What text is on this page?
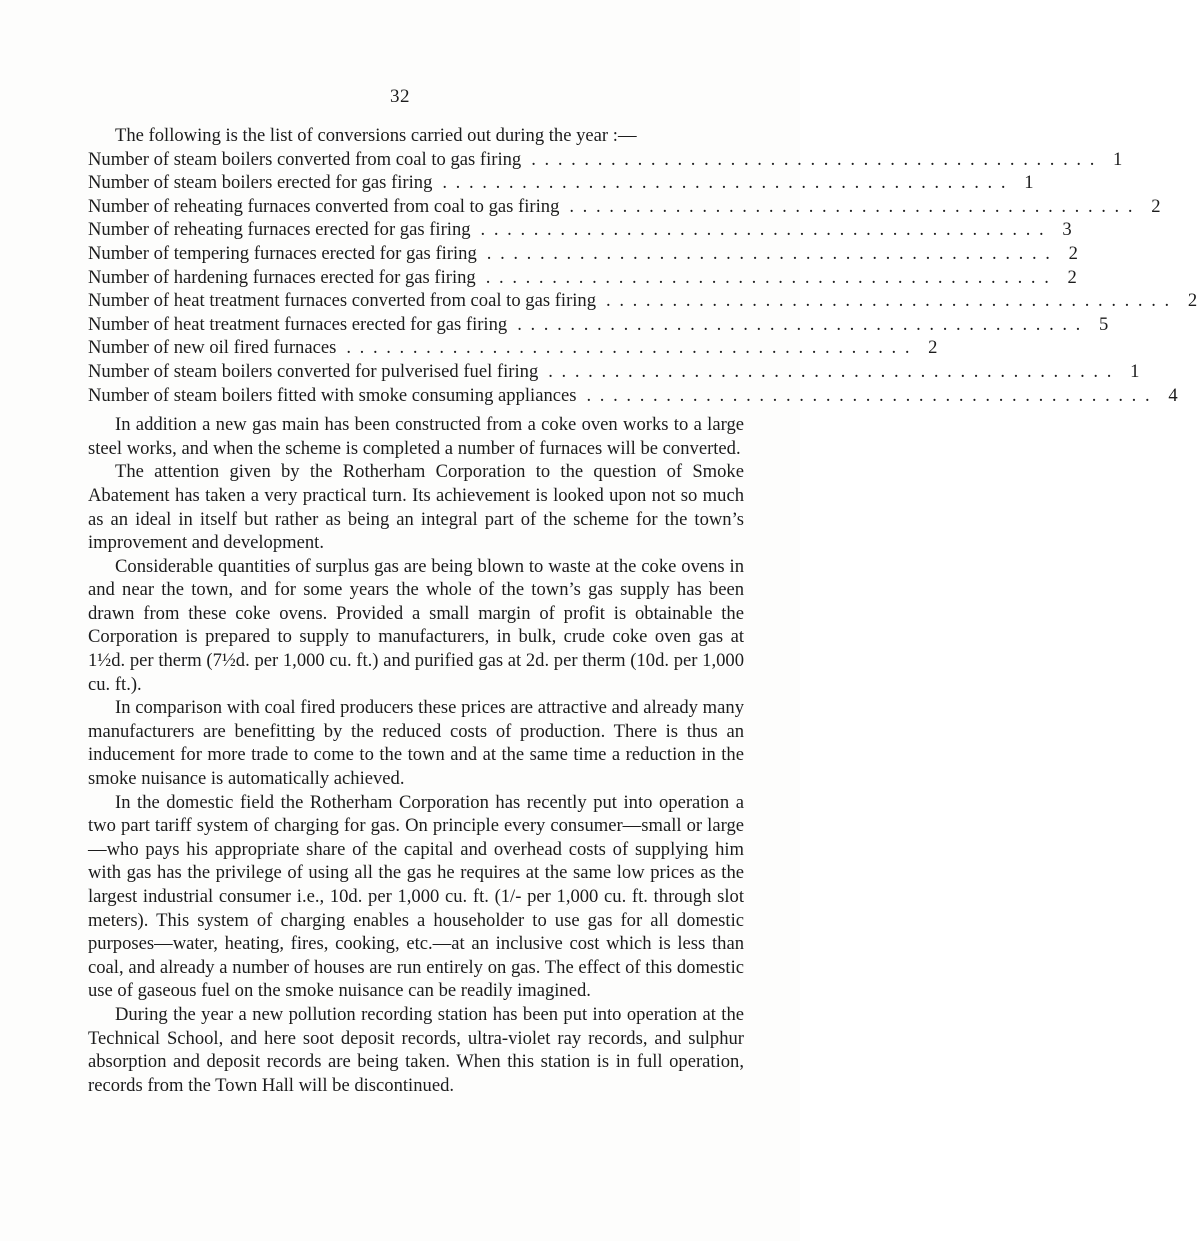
32

The following is the list of conversions carried out during the year :—

Number of steam boilers converted from coal to gas firing . . . . . . . . . . . . . . . . . . . . . . . . . . . . . . . . . . . . . . . . . . . 1
Number of steam boilers erected for gas firing . . . . . . . . . . . . . . . . . . . . . . . . . . . . . . . . . . . . . . . . . . . 1
Number of reheating furnaces converted from coal to gas firing . . . . . . . . . . . . . . . . . . . . . . . . . . . . . . . . . . . . . . . . . . . 2
Number of reheating furnaces erected for gas firing . . . . . . . . . . . . . . . . . . . . . . . . . . . . . . . . . . . . . . . . . . . 3
Number of tempering furnaces erected for gas firing . . . . . . . . . . . . . . . . . . . . . . . . . . . . . . . . . . . . . . . . . . . 2
Number of hardening furnaces erected for gas firing . . . . . . . . . . . . . . . . . . . . . . . . . . . . . . . . . . . . . . . . . . . 2
Number of heat treatment furnaces converted from coal to gas firing . . . . . . . . . . . . . . . . . . . . . . . . . . . . . . . . . . . . . . . . . . . 2
Number of heat treatment furnaces erected for gas firing . . . . . . . . . . . . . . . . . . . . . . . . . . . . . . . . . . . . . . . . . . . 5
Number of new oil fired furnaces . . . . . . . . . . . . . . . . . . . . . . . . . . . . . . . . . . . . . . . . . . . 2
Number of steam boilers converted for pulverised fuel firing . . . . . . . . . . . . . . . . . . . . . . . . . . . . . . . . . . . . . . . . . . . 1
Number of steam boilers fitted with smoke consuming appliances . . . . . . . . . . . . . . . . . . . . . . . . . . . . . . . . . . . . . . . . . . . 4

In addition a new gas main has been constructed from a coke oven works to a large steel works, and when the scheme is completed a number of furnaces will be converted.

The attention given by the Rotherham Corporation to the question of Smoke Abatement has taken a very practical turn. Its achievement is looked upon not so much as an ideal in itself but rather as being an integral part of the scheme for the town’s improvement and development.

Considerable quantities of surplus gas are being blown to waste at the coke ovens in and near the town, and for some years the whole of the town’s gas supply has been drawn from these coke ovens. Provided a small margin of profit is obtainable the Corporation is prepared to supply to manufacturers, in bulk, crude coke oven gas at 1½d. per therm (7½d. per 1,000 cu. ft.) and purified gas at 2d. per therm (10d. per 1,000 cu. ft.).

In comparison with coal fired producers these prices are attractive and already many manufacturers are benefitting by the reduced costs of production. There is thus an inducement for more trade to come to the town and at the same time a reduction in the smoke nuisance is automatically achieved.

In the domestic field the Rotherham Corporation has recently put into operation a two part tariff system of charging for gas. On principle every consumer—small or large—who pays his appropriate share of the capital and overhead costs of supplying him with gas has the privilege of using all the gas he requires at the same low prices as the largest industrial consumer i.e., 10d. per 1,000 cu. ft. (1/- per 1,000 cu. ft. through slot meters). This system of charging enables a householder to use gas for all domestic purposes—water, heating, fires, cooking, etc.—at an inclusive cost which is less than coal, and already a number of houses are run entirely on gas. The effect of this domestic use of gaseous fuel on the smoke nuisance can be readily imagined.

During the year a new pollution recording station has been put into operation at the Technical School, and here soot deposit records, ultra-violet ray records, and sulphur absorption and deposit records are being taken. When this station is in full operation, records from the Town Hall will be discontinued.
